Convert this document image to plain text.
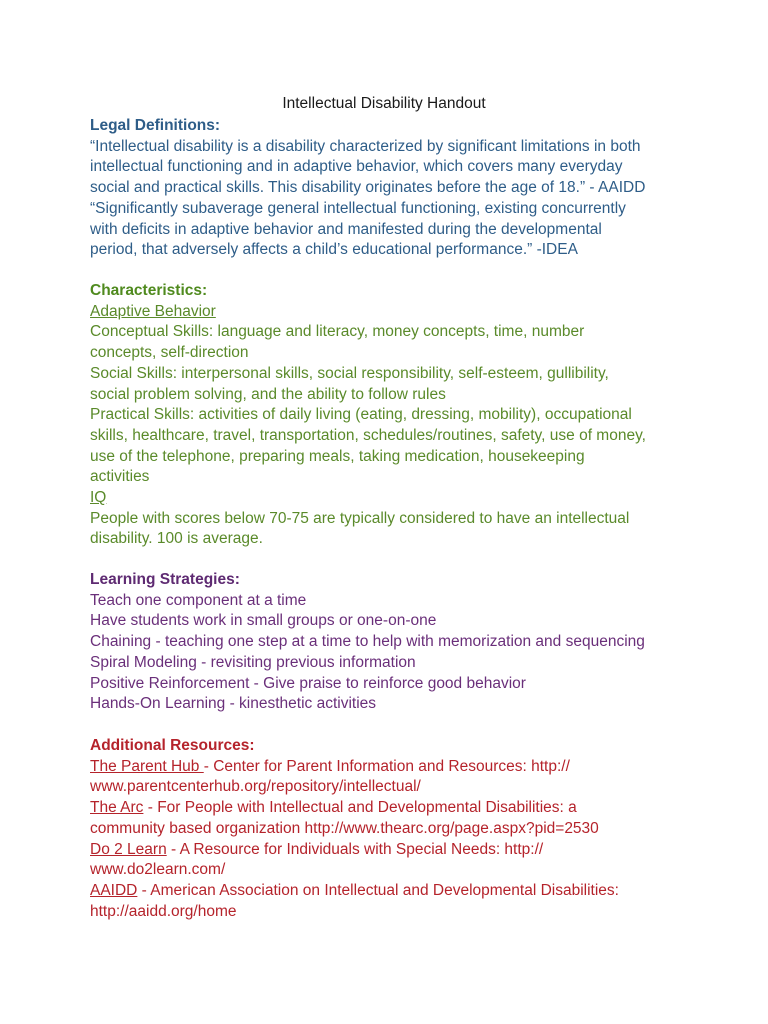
Intellectual Disability Handout
Legal Definitions:
“Intellectual disability is a disability characterized by significant limitations in both
intellectual functioning and in adaptive behavior, which covers many everyday
social and practical skills. This disability originates before the age of 18.” - AAIDD
“Significantly subaverage general intellectual functioning, existing concurrently
with deficits in adaptive behavior and manifested during the developmental
period, that adversely affects a child’s educational performance.” -IDEA
Characteristics:
Adaptive Behavior
Conceptual Skills: language and literacy, money concepts, time, number
concepts, self-direction
Social Skills: interpersonal skills, social responsibility, self-esteem, gullibility,
social problem solving, and the ability to follow rules
Practical Skills: activities of daily living (eating, dressing, mobility), occupational
skills, healthcare, travel, transportation, schedules/routines, safety, use of money,
use of the telephone, preparing meals, taking medication, housekeeping
activities
IQ
People with scores below 70-75 are typically considered to have an intellectual
disability. 100 is average.
Learning Strategies:
Teach one component at a time
Have students work in small groups or one-on-one
Chaining - teaching one step at a time to help with memorization and sequencing
Spiral Modeling - revisiting previous information
Positive Reinforcement - Give praise to reinforce good behavior
Hands-On Learning - kinesthetic activities
Additional Resources:
The Parent Hub - Center for Parent Information and Resources: http://
www.parentcenterhub.org/repository/intellectual/
The Arc - For People with Intellectual and Developmental Disabilities: a
community based organization http://www.thearc.org/page.aspx?pid=2530
Do 2 Learn - A Resource for Individuals with Special Needs: http://
www.do2learn.com/
AAIDD - American Association on Intellectual and Developmental Disabilities:
http://aaidd.org/home
